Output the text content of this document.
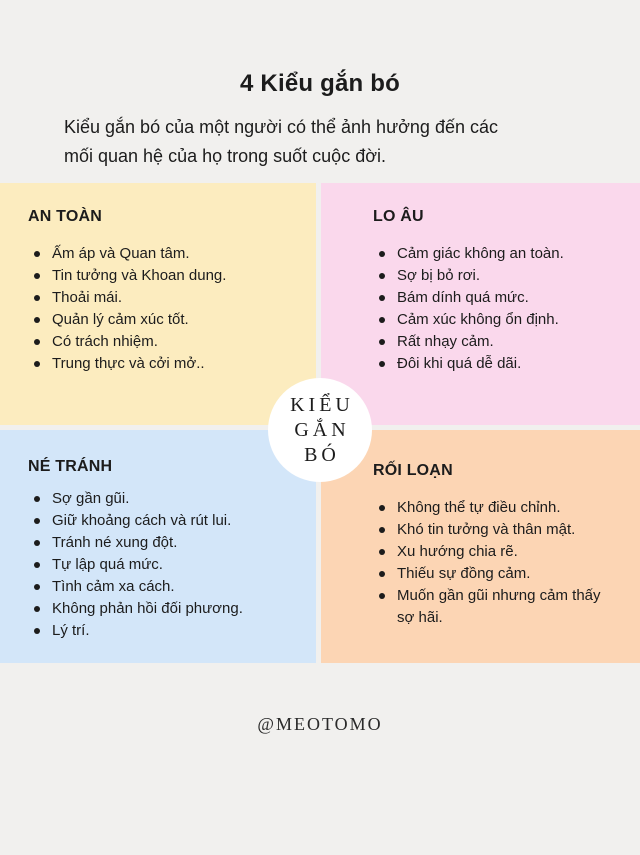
4 Kiểu gắn bó
Kiểu gắn bó của một người có thể ảnh hưởng đến các
mối quan hệ của họ trong suốt cuộc đời.
AN TOÀN
Ấm áp và Quan tâm.
Tin tưởng và Khoan dung.
Thoải mái.
Quản lý cảm xúc tốt.
Có trách nhiệm.
Trung thực và cởi mở..
LO ÂU
Cảm giác không an toàn.
Sợ bị bỏ rơi.
Bám dính quá mức.
Cảm xúc không ổn định.
Rất nhạy cảm.
Đôi khi quá dễ dãi.
NÉ TRÁNH
Sợ gần gũi.
Giữ khoảng cách và rút lui.
Tránh né xung đột.
Tự lập quá mức.
Tình cảm xa cách.
Không phản hồi đối phương.
Lý trí.
RỐI LOẠN
Không thể tự điều chỉnh.
Khó tin tưởng và thân mật.
Xu hướng chia rẽ.
Thiếu sự đồng cảm.
Muốn gần gũi nhưng cảm thấy sợ hãi.
KIỂU
GẮN
BÓ
@MEOTOMO
